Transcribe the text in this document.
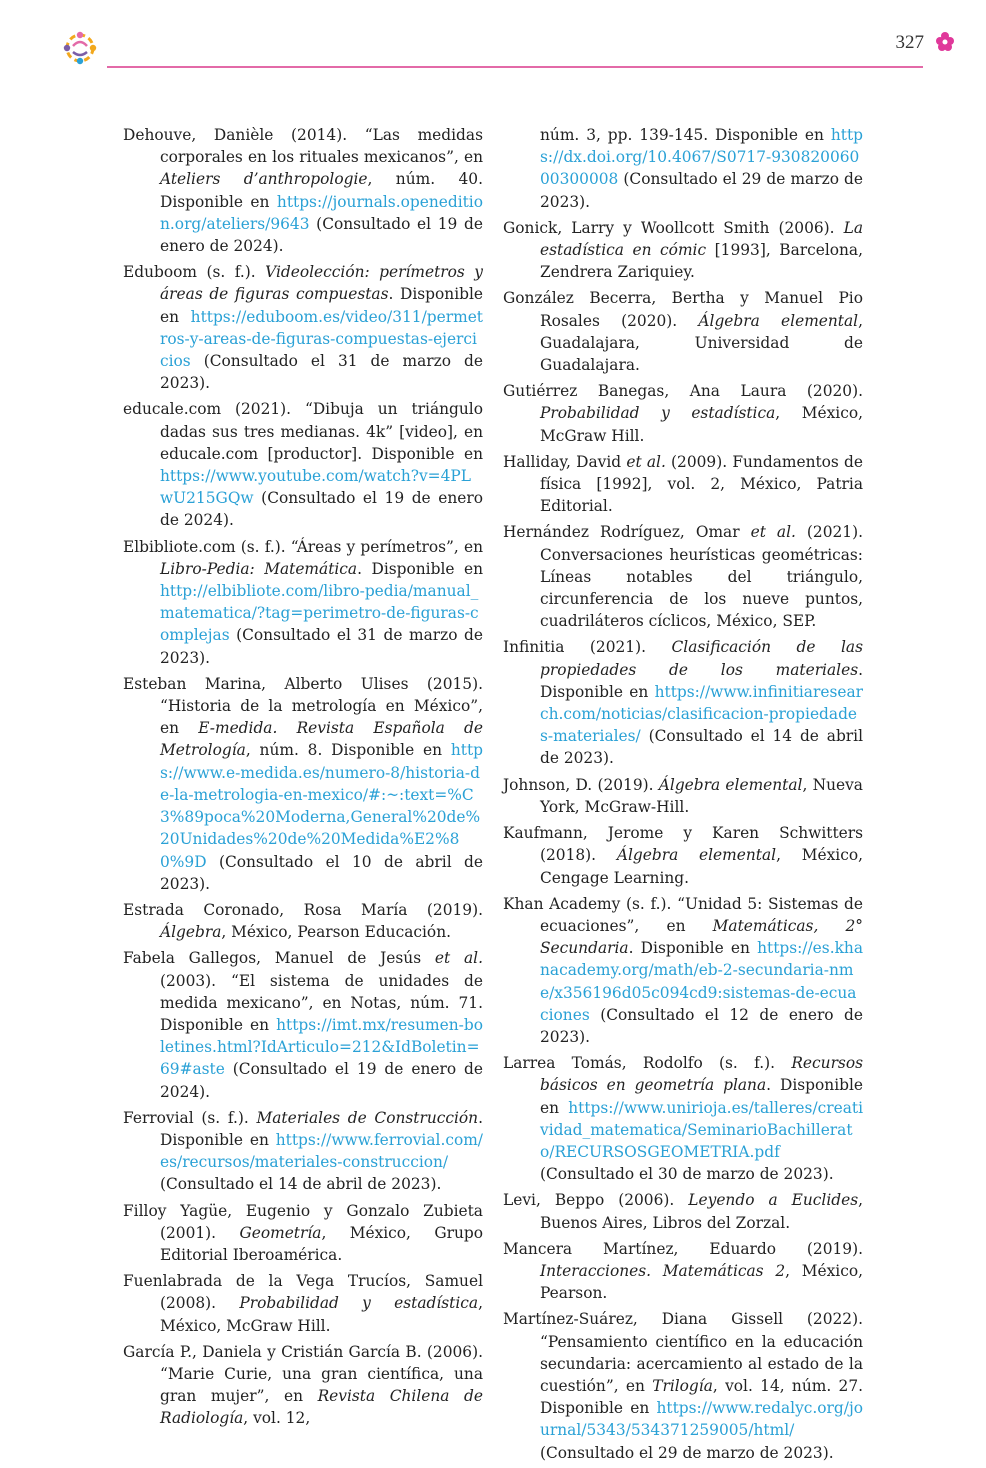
327

Dehouve, Danièle (2014). “Las medidas corporales en los rituales mexicanos”, en Ateliers d’anthropologie, núm. 40. Disponible en https://journals.openedition.org/ateliers/9643 (Consultado el 19 de enero de 2024).

Eduboom (s. f.). Videolección: perímetros y áreas de figuras compuestas. Disponible en https://eduboom.es/video/311/permetros-y-areas-de-figuras-compuestas-ejercicios (Consultado el 31 de marzo de 2023).

educale.com (2021). “Dibuja un triángulo dadas sus tres medianas. 4k” [video], en educale.com [productor]. Disponible en https://www.youtube.com/watch?v=4PLwU215GQw (Consultado el 19 de enero de 2024).

Elbibliote.com (s. f.). “Áreas y perímetros”, en Libro-Pedia: Matemática. Disponible en http://elbibliote.com/libro-pedia/manual_matematica/?tag=perimetro-de-figuras-complejas (Consultado el 31 de marzo de 2023).

Esteban Marina, Alberto Ulises (2015). “Historia de la metrología en México”, en E-medida. Revista Española de Metrología, núm. 8. Disponible en https://www.e-medida.es/numero-8/historia-de-la-metrologia-en-mexico/#:~:text=%C3%89poca%20Moderna,General%20de%20Unidades%20de%20Medida%E2%80%9D (Consultado el 10 de abril de 2023).

Estrada Coronado, Rosa María (2019). Álgebra, México, Pearson Educación.

Fabela Gallegos, Manuel de Jesús et al. (2003). “El sistema de unidades de medida mexicano”, en Notas, núm. 71. Disponible en https://imt.mx/resumen-boletines.html?IdArticulo=212&IdBoletin=69#aste (Consultado el 19 de enero de 2024).

Ferrovial (s. f.). Materiales de Construcción. Disponible en https://www.ferrovial.com/es/recursos/materiales-construccion/ (Consultado el 14 de abril de 2023).

Filloy Yagüe, Eugenio y Gonzalo Zubieta (2001). Geometría, México, Grupo Editorial Iberoamérica.

Fuenlabrada de la Vega Trucíos, Samuel (2008). Probabilidad y estadística, México, McGraw Hill.

García P., Daniela y Cristián García B. (2006). “Marie Curie, una gran científica, una gran mujer”, en Revista Chilena de Radiología, vol. 12,

núm. 3, pp. 139-145. Disponible en https://dx.doi.org/10.4067/S0717-93082006000300008 (Consultado el 29 de marzo de 2023).

Gonick, Larry y Woollcott Smith (2006). La estadística en cómic [1993], Barcelona, Zendrera Zariquiey.

González Becerra, Bertha y Manuel Pio Rosales (2020). Álgebra elemental, Guadalajara, Universidad de Guadalajara.

Gutiérrez Banegas, Ana Laura (2020). Probabilidad y estadística, México, McGraw Hill.

Halliday, David et al. (2009). Fundamentos de física [1992], vol. 2, México, Patria Editorial.

Hernández Rodríguez, Omar et al. (2021). Conversaciones heurísticas geométricas: Líneas notables del triángulo, circunferencia de los nueve puntos, cuadriláteros cíclicos, México, SEP.

Infinitia (2021). Clasificación de las propiedades de los materiales. Disponible en https://www.infinitiaresearch.com/noticias/clasificacion-propiedades-materiales/ (Consultado el 14 de abril de 2023).

Johnson, D. (2019). Álgebra elemental, Nueva York, McGraw-Hill.

Kaufmann, Jerome y Karen Schwitters (2018). Álgebra elemental, México, Cengage Learning.

Khan Academy (s. f.). “Unidad 5: Sistemas de ecuaciones”, en Matemáticas, 2° Secundaria. Disponible en https://es.khanacademy.org/math/eb-2-secundaria-nme/x356196d05c094cd9:sistemas-de-ecuaciones (Consultado el 12 de enero de 2023).

Larrea Tomás, Rodolfo (s. f.). Recursos básicos en geometría plana. Disponible en https://www.unirioja.es/talleres/creatividad_matematica/SeminarioBachillerato/RECURSOSGEOMETRIA.pdf (Consultado el 30 de marzo de 2023).

Levi, Beppo (2006). Leyendo a Euclides, Buenos Aires, Libros del Zorzal.

Mancera Martínez, Eduardo (2019). Interacciones. Matemáticas 2, México, Pearson.

Martínez-Suárez, Diana Gissell (2022). “Pensamiento científico en la educación secundaria: acercamiento al estado de la cuestión”, en Trilogía, vol. 14, núm. 27. Disponible en https://www.redalyc.org/journal/5343/534371259005/html/ (Consultado el 29 de marzo de 2023).
